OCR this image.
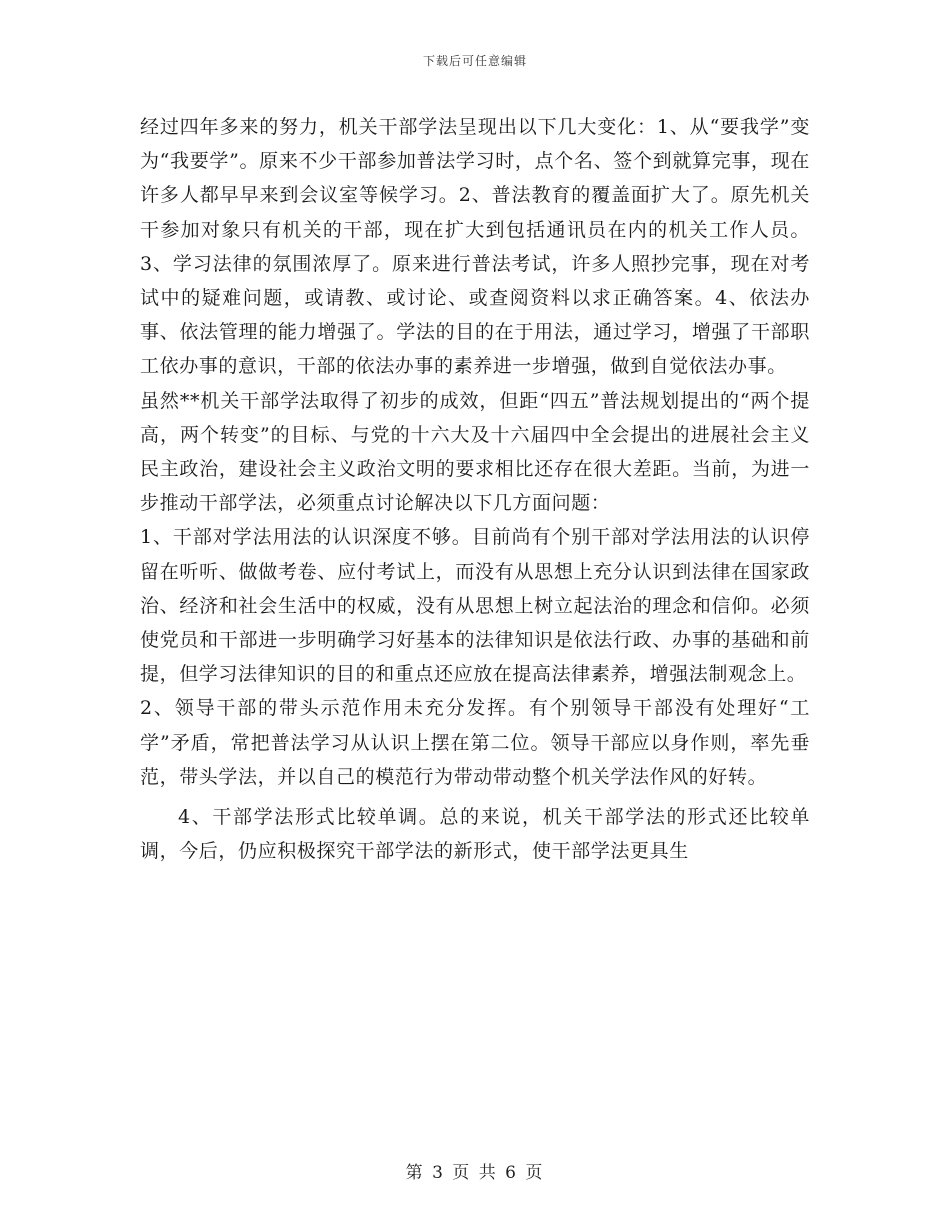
下载后可任意编辑

经过四年多来的努力，机关干部学法呈现出以下几大变化：1、从“要我学”变为“我要学”。原来不少干部参加普法学习时，点个名、签个到就算完事，现在许多人都早早来到会议室等候学习。2、普法教育的覆盖面扩大了。原先机关干参加对象只有机关的干部，现在扩大到包括通讯员在内的机关工作人员。3、学习法律的氛围浓厚了。原来进行普法考试，许多人照抄完事，现在对考试中的疑难问题，或请教、或讨论、或查阅资料以求正确答案。4、依法办事、依法管理的能力增强了。学法的目的在于用法，通过学习，增强了干部职工依办事的意识，干部的依法办事的素养进一步增强，做到自觉依法办事。

虽然**机关干部学法取得了初步的成效，但距“四五”普法规划提出的“两个提高，两个转变”的目标、与党的十六大及十六届四中全会提出的进展社会主义民主政治，建设社会主义政治文明的要求相比还存在很大差距。当前，为进一步推动干部学法，必须重点讨论解决以下几方面问题：

1、干部对学法用法的认识深度不够。目前尚有个别干部对学法用法的认识停留在听听、做做考卷、应付考试上，而没有从思想上充分认识到法律在国家政治、经济和社会生活中的权威，没有从思想上树立起法治的理念和信仰。必须使党员和干部进一步明确学习好基本的法律知识是依法行政、办事的基础和前提，但学习法律知识的目的和重点还应放在提高法律素养，增强法制观念上。

2、领导干部的带头示范作用未充分发挥。有个别领导干部没有处理好“工学”矛盾，常把普法学习从认识上摆在第二位。领导干部应以身作则，率先垂范，带头学法，并以自己的模范行为带动带动整个机关学法作风的好转。

4、干部学法形式比较单调。总的来说，机关干部学法的形式还比较单调，今后，仍应积极探究干部学法的新形式，使干部学法更具生

第 3 页 共 6 页
